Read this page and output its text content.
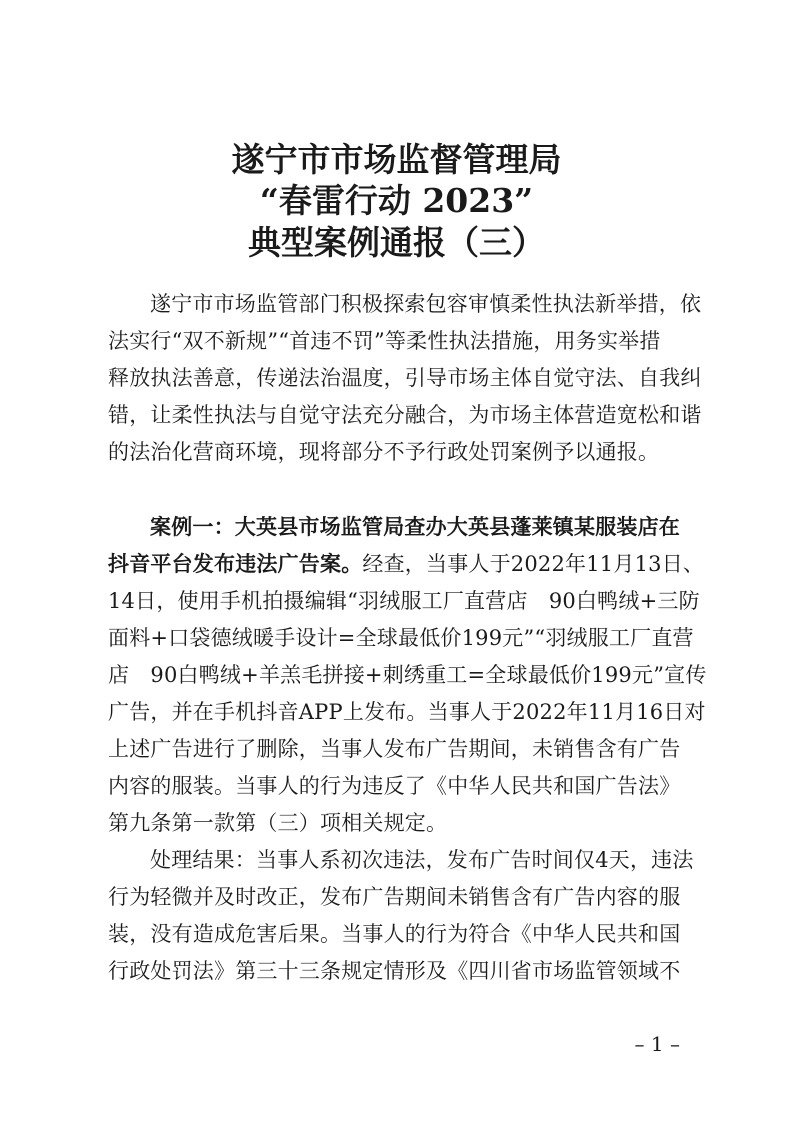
遂宁市市场监督管理局
“春雷行动 2023”
典型案例通报（三）
遂宁市市场监管部门积极探索包容审慎柔性执法新举措，依
法实行“双不新规”“首违不罚”等柔性执法措施，用务实举措
释放执法善意，传递法治温度，引导市场主体自觉守法、自我纠
错，让柔性执法与自觉守法充分融合，为市场主体营造宽松和谐
的法治化营商环境，现将部分不予行政处罚案例予以通报。
案例一：大英县市场监管局查办大英县蓬莱镇某服装店在
抖音平台发布违法广告案。经查，当事人于2022年11月13日、
14日，使用手机拍摄编辑“羽绒服工厂直营店　90白鸭绒+三防
面料+口袋德绒暖手设计=全球最低价199元”“羽绒服工厂直营
店　90白鸭绒+羊羔毛拼接+刺绣重工=全球最低价199元”宣传
广告，并在手机抖音APP上发布。当事人于2022年11月16日对
上述广告进行了删除，当事人发布广告期间，未销售含有广告
内容的服装。当事人的行为违反了《中华人民共和国广告法》
第九条第一款第（三）项相关规定。
处理结果：当事人系初次违法，发布广告时间仅4天，违法
行为轻微并及时改正，发布广告期间未销售含有广告内容的服
装，没有造成危害后果。当事人的行为符合《中华人民共和国
行政处罚法》第三十三条规定情形及《四川省市场监管领域不
– 1 –
